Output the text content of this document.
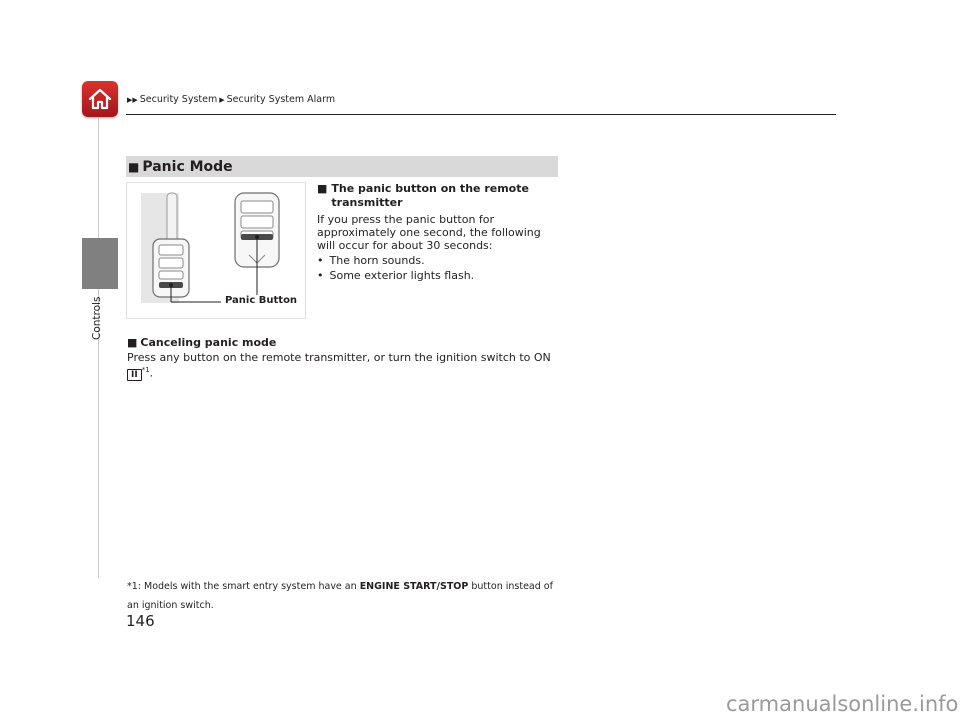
Controls
▶▶ Security System ▶ Security System Alarm
■ Panic Mode
Panic Button
■ The panic button on the remote transmitter
If you press the panic button for approximately one second, the following will occur for about 30 seconds:
• The horn sounds.
• Some exterior lights flash.
■ Canceling panic mode
Press any button on the remote transmitter, or turn the ignition switch to ON II $^{*1}$.
*1: Models with the smart entry system have an ENGINE START/STOP button instead of an ignition switch.
146
carmanualsonline.info
